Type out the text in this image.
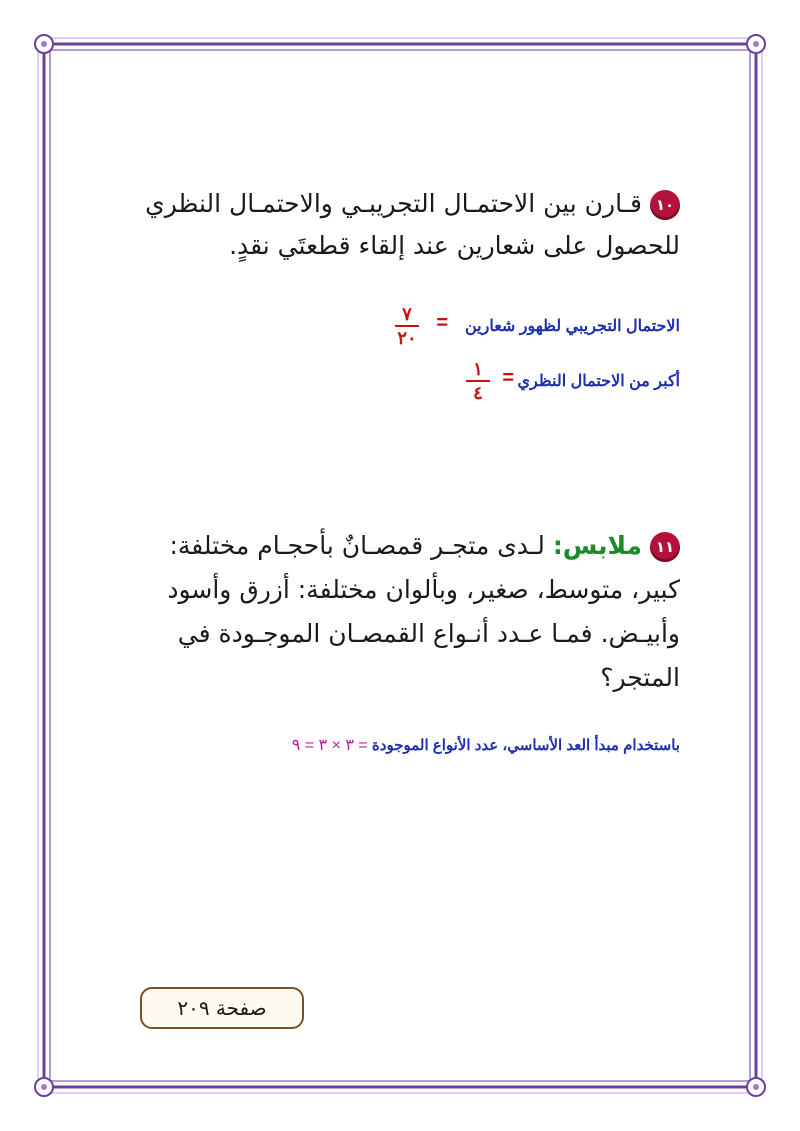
١٠قـارن بين الاحتمـال التجريبـي والاحتمـال النظري
للحصول على شعارين عند إلقاء قطعتَي نقدٍ.
الاحتمال التجريبي لظهور شعارين
=
٧
٢٠
أكبر من الاحتمال النظري
=
١
٤
١١ملابس: لـدى متجـر قمصـانٌ بأحجـام مختلفة:
كبير، متوسط، صغير، وبألوان مختلفة: أزرق وأسود
وأبيـض. فمـا عـدد أنـواع القمصـان الموجـودة في
المتجر؟
باستخدام مبدأ العد الأساسي، عدد الأنواع الموجودة = ٣ × ٣ = ٩
صفحة ٢٠٩
